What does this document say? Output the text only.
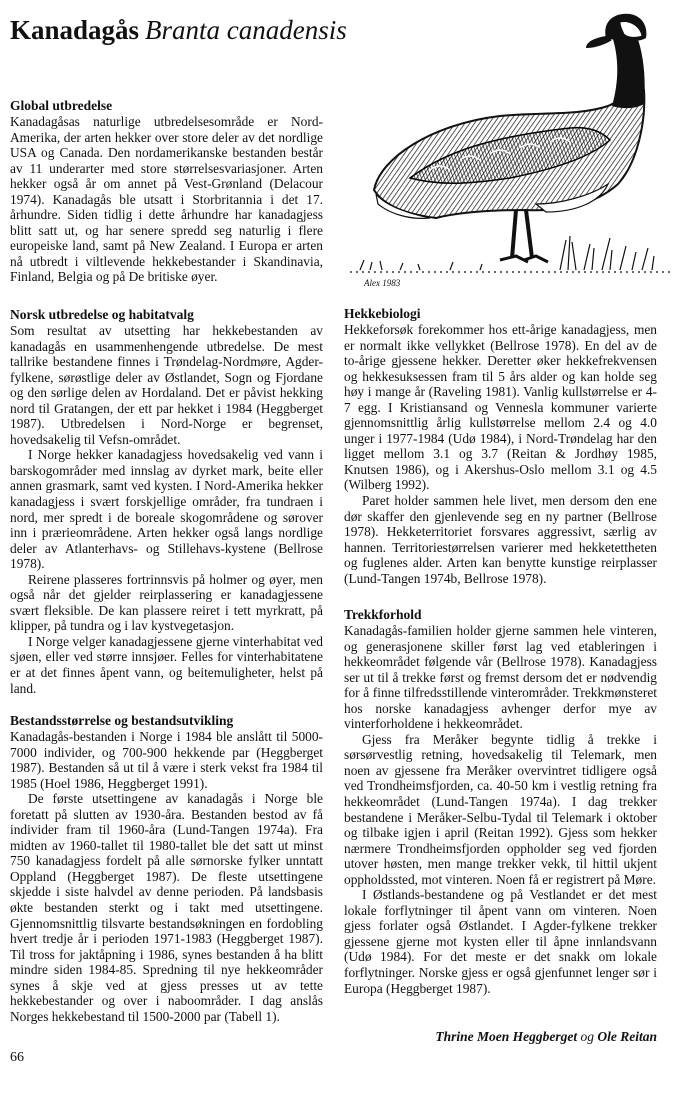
Kanadagås Branta canadensis
Alex 1983
Global utbredelse

Kanadagåsas naturlige utbredelsesområde er Nord-Amerika, der arten hekker over store deler av det nordlige USA og Canada. Den nordamerikanske bestanden består av 11 underarter med store størrelsesvariasjoner. Arten hekker også år om annet på Vest-Grønland (Delacour 1974). Kanadagås ble utsatt i Storbritannia i det 17. århundre. Siden tidlig i dette århundre har kanadagjess blitt satt ut, og har senere spredd seg naturlig i flere europeiske land, samt på New Zealand. I Europa er arten nå utbredt i viltlevende hekkebestander i Skandinavia, Finland, Belgia og på De britiske øyer.

Norsk utbredelse og habitatvalg

Som resultat av utsetting har hekkebestanden av kanadagås en usammenhengende utbredelse. De mest tallrike bestandene finnes i Trøndelag-Nordmøre, Agder-fylkene, sørøstlige deler av Østlandet, Sogn og Fjordane og den sørlige delen av Hordaland. Det er påvist hekking nord til Gratangen, der ett par hekket i 1984 (Heggberget 1987). Utbredelsen i Nord-Norge er begrenset, hovedsakelig til Vefsn-området.

I Norge hekker kanadagjess hovedsakelig ved vann i barskogområder med innslag av dyrket mark, beite eller annen grasmark, samt ved kysten. I Nord-Amerika hekker kanadagjess i svært forskjellige områder, fra tundraen i nord, mer spredt i de boreale skogområdene og sørover inn i prærieområdene. Arten hekker også langs nordlige deler av Atlanterhavs- og Stillehavs-kystene (Bellrose 1978).

Reirene plasseres fortrinnsvis på holmer og øyer, men også når det gjelder reirplassering er kanadagjessene svært fleksible. De kan plassere reiret i tett myrkratt, på klipper, på tundra og i lav kystvegetasjon.

I Norge velger kanadagjessene gjerne vinterhabitat ved sjøen, eller ved større innsjøer. Felles for vinterhabitatene er at det finnes åpent vann, og beitemuligheter, helst på land.

Bestandsstørrelse og bestandsutvikling

Kanadagås-bestanden i Norge i 1984 ble anslått til 5000-7000 individer, og 700-900 hekkende par (Heggberget 1987). Bestanden så ut til å være i sterk vekst fra 1984 til 1985 (Hoel 1986, Heggberget 1991).

De første utsettingene av kanadagås i Norge ble foretatt på slutten av 1930-åra. Bestanden bestod av få individer fram til 1960-åra (Lund-Tangen 1974a). Fra midten av 1960-tallet til 1980-tallet ble det satt ut minst 750 kanadagjess fordelt på alle sørnorske fylker unntatt Oppland (Heggberget 1987). De fleste utsettingene skjedde i siste halvdel av denne perioden. På landsbasis økte bestanden sterkt og i takt med utsettingene. Gjennomsnittlig tilsvarte bestandsøkningen en fordobling hvert tredje år i perioden 1971-1983 (Heggberget 1987). Til tross for jaktåpning i 1986, synes bestanden å ha blitt mindre siden 1984-85. Spredning til nye hekkeområder synes å skje ved at gjess presses ut av tette hekkebestander og over i naboområder. I dag anslås Norges hekkebestand til 1500-2000 par (Tabell 1).

Hekkebiologi

Hekkeforsøk forekommer hos ett-årige kanadagjess, men er normalt ikke vellykket (Bellrose 1978). En del av de to-årige gjessene hekker. Deretter øker hekkefrekvensen og hekkesuksessen fram til 5 års alder og kan holde seg høy i mange år (Raveling 1981). Vanlig kullstørrelse er 4-7 egg. I Kristiansand og Vennesla kommuner varierte gjennomsnittlig årlig kullstørrelse mellom 2.4 og 4.0 unger i 1977-1984 (Udø 1984), i Nord-Trøndelag har den ligget mellom 3.1 og 3.7 (Reitan & Jordhøy 1985, Knutsen 1986), og i Akershus-Oslo mellom 3.1 og 4.5 (Wilberg 1992).

Paret holder sammen hele livet, men dersom den ene dør skaffer den gjenlevende seg en ny partner (Bellrose 1978). Hekketerritoriet forsvares aggressivt, særlig av hannen. Territoriestørrelsen varierer med hekketettheten og fuglenes alder. Arten kan benytte kunstige reirplasser (Lund-Tangen 1974b, Bellrose 1978).

Trekkforhold

Kanadagås-familien holder gjerne sammen hele vinteren, og generasjonene skiller først lag ved etableringen i hekkeområdet følgende vår (Bellrose 1978). Kanadagjess ser ut til å trekke først og fremst dersom det er nødvendig for å finne tilfredsstillende vinterområder. Trekkmønsteret hos norske kanadagjess avhenger derfor mye av vinterforholdene i hekkeområdet.

Gjess fra Meråker begynte tidlig å trekke i sørsørvestlig retning, hovedsakelig til Telemark, men noen av gjessene fra Meråker overvintret tidligere også ved Trondheimsfjorden, ca. 40-50 km i vestlig retning fra hekkeområdet (Lund-Tangen 1974a). I dag trekker bestandene i Meråker-Selbu-Tydal til Telemark i oktober og tilbake igjen i april (Reitan 1992). Gjess som hekker nærmere Trondheimsfjorden oppholder seg ved fjorden utover høsten, men mange trekker vekk, til hittil ukjent oppholdssted, mot vinteren. Noen få er registrert på Møre.

I Østlands-bestandene og på Vestlandet er det mest lokale forflytninger til åpent vann om vinteren. Noen gjess forlater også Østlandet. I Agder-fylkene trekker gjessene gjerne mot kysten eller til åpne innlandsvann (Udø 1984). For det meste er det snakk om lokale forflytninger. Norske gjess er også gjenfunnet lenger sør i Europa (Heggberget 1987).

Thrine Moen Heggberget og Ole Reitan
66
